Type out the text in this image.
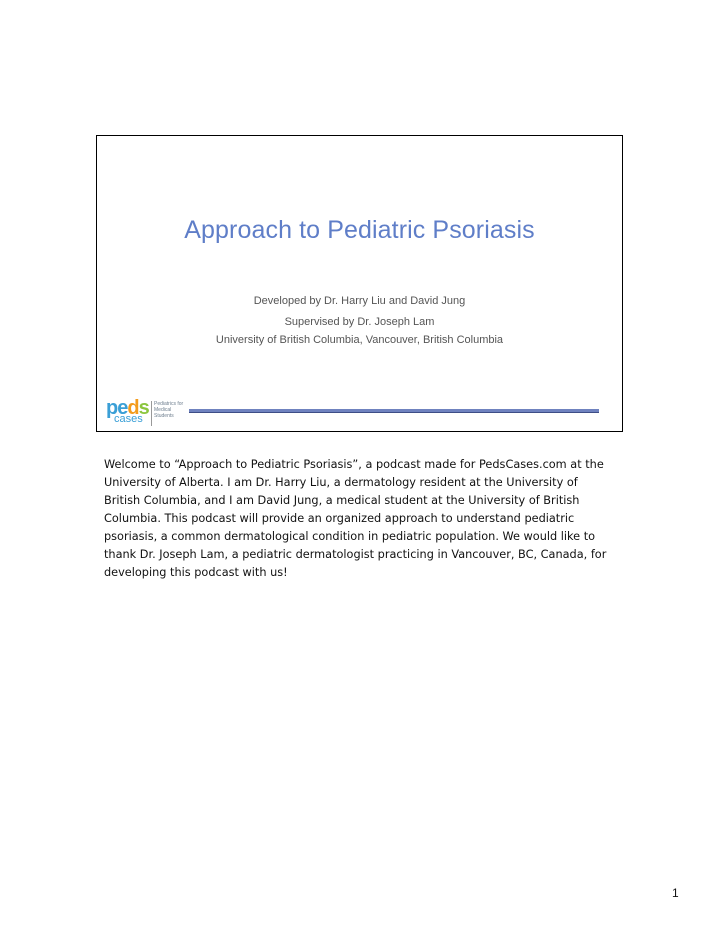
Approach to Pediatric Psoriasis
Developed by Dr. Harry Liu and David Jung
Supervised by Dr. Joseph Lam
University of British Columbia, Vancouver, British Columbia
peds
cases
Pediatrics for Medical Students
Welcome to “Approach to Pediatric Psoriasis”, a podcast made for PedsCases.com at the University of Alberta. I am Dr. Harry Liu, a dermatology resident at the University of British Columbia, and I am David Jung, a medical student at the University of British Columbia. This podcast will provide an organized approach to understand pediatric psoriasis, a common dermatological condition in pediatric population. We would like to thank Dr. Joseph Lam, a pediatric dermatologist practicing in Vancouver, BC, Canada, for developing this podcast with us!
1
